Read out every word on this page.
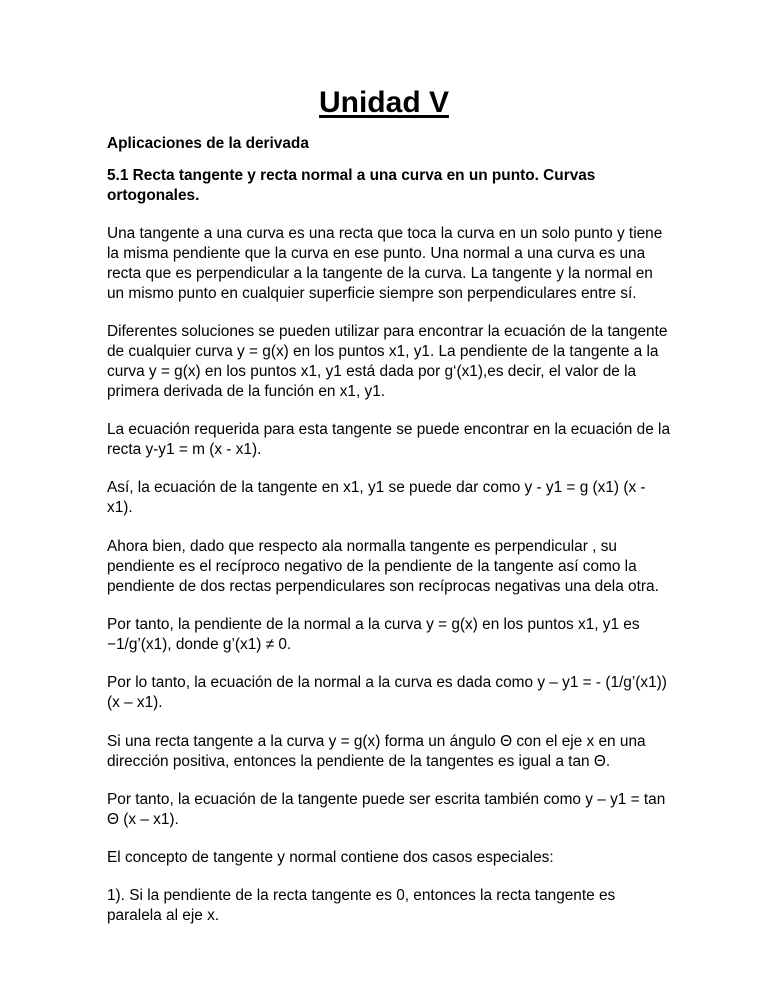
Unidad V
Aplicaciones de la derivada
5.1 Recta tangente y recta normal a una curva en un punto. Curvas
ortogonales.
Una tangente a una curva es una recta que toca la curva en un solo punto y tiene
la misma pendiente que la curva en ese punto. Una normal a una curva es una
recta que es perpendicular a la tangente de la curva. La tangente y la normal en
un mismo punto en cualquier superficie siempre son perpendiculares entre sí.
Diferentes soluciones se pueden utilizar para encontrar la ecuación de la tangente
de cualquier curva y = g(x) en los puntos x1, y1. La pendiente de la tangente a la
curva y = g(x) en los puntos x1, y1 está dada por g‘(x1),es decir, el valor de la
primera derivada de la función en x1, y1.
La ecuación requerida para esta tangente se puede encontrar en la ecuación de la
recta y-y1 = m (x - x1).
Así, la ecuación de la tangente en x1, y1 se puede dar como y - y1 = g (x1) (x -
x1).
Ahora bien, dado que respecto ala normalla tangente es perpendicular , su
pendiente es el recíproco negativo de la pendiente de la tangente así como la
pendiente de dos rectas perpendiculares son recíprocas negativas una dela otra.
Por tanto, la pendiente de la normal a la curva y = g(x) en los puntos x1, y1 es
−1/g’(x1), donde g’(x1) ≠ 0.
Por lo tanto, la ecuación de la normal a la curva es dada como y – y1 = - (1/g’(x1))
(x – x1).
Si una recta tangente a la curva y = g(x) forma un ángulo Θ con el eje x en una
dirección positiva, entonces la pendiente de la tangentes es igual a tan Θ.
Por tanto, la ecuación de la tangente puede ser escrita también como y – y1 = tan
Θ (x – x1).
El concepto de tangente y normal contiene dos casos especiales:
1). Si la pendiente de la recta tangente es 0, entonces la recta tangente es
paralela al eje x.
